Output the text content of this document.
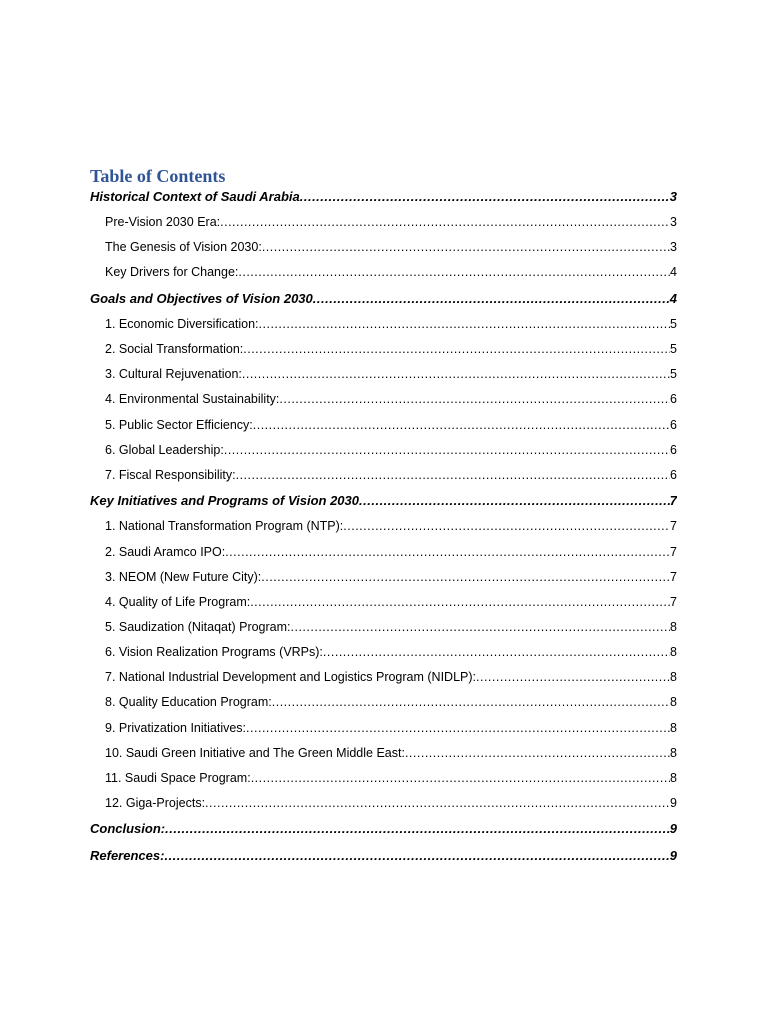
Table of Contents
Historical Context of Saudi Arabia .....	3
Pre-Vision 2030 Era: .....	3
The Genesis of Vision 2030: .....	3
Key Drivers for Change: .....	4
Goals and Objectives of Vision 2030 .....	4
1. Economic Diversification: .....	5
2. Social Transformation: .....	5
3. Cultural Rejuvenation: .....	5
4. Environmental Sustainability: .....	6
5. Public Sector Efficiency: .....	6
6. Global Leadership: .....	6
7. Fiscal Responsibility: .....	6
Key Initiatives and Programs of Vision 2030 .....	7
1. National Transformation Program (NTP): .....	7
2. Saudi Aramco IPO: .....	7
3. NEOM (New Future City): .....	7
4. Quality of Life Program: .....	7
5. Saudization (Nitaqat) Program: .....	8
6. Vision Realization Programs (VRPs): .....	8
7. National Industrial Development and Logistics Program (NIDLP): .....	8
8. Quality Education Program: .....	8
9. Privatization Initiatives: .....	8
10. Saudi Green Initiative and The Green Middle East: .....	8
11. Saudi Space Program: .....	8
12. Giga-Projects: .....	9
Conclusion: .....	9
References: .....	9
